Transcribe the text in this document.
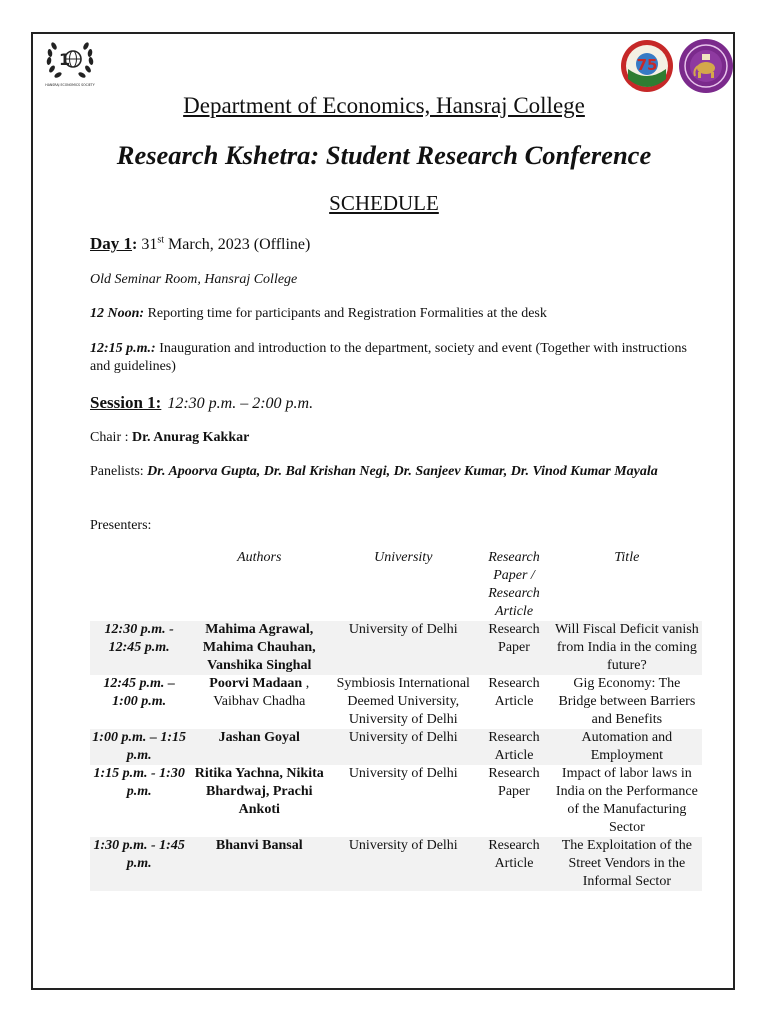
1
HANSRAJ ECONOMICS SOCIETY
75
Department of Economics, Hansraj College
Research Kshetra: Student Research Conference
SCHEDULE
Day 1: 31st March, 2023 (Offline)
Old Seminar Room, Hansraj College
12 Noon: Reporting time for participants and Registration Formalities at the desk
12:15 p.m.: Inauguration and introduction to the department, society and event (Together with instructions and guidelines)
Session 1: 12:30 p.m. – 2:00 p.m.
Chair : Dr. Anurag Kakkar
Panelists: Dr. Apoorva Gupta, Dr. Bal Krishan Negi, Dr. Sanjeev Kumar, Dr. Vinod Kumar Mayala
Presenters:
	Authors	University	Research Paper / Research Article	Title
12:30 p.m. - 12:45 p.m.	Mahima Agrawal, Mahima Chauhan, Vanshika Singhal	University of Delhi	Research Paper	Will Fiscal Deficit vanish from India in the coming future?
12:45 p.m. – 1:00 p.m.	Poorvi Madaan , Vaibhav Chadha	Symbiosis International Deemed University, University of Delhi	Research Article	Gig Economy: The Bridge between Barriers and Benefits
1:00 p.m. – 1:15 p.m.	Jashan Goyal	University of Delhi	Research Article	Automation and Employment
1:15 p.m. - 1:30 p.m.	Ritika Yachna, Nikita Bhardwaj, Prachi Ankoti	University of Delhi	Research Paper	Impact of labor laws in India on the Performance of the Manufacturing Sector
1:30 p.m. - 1:45 p.m.	Bhanvi Bansal	University of Delhi	Research Article	The Exploitation of the Street Vendors in the Informal Sector
